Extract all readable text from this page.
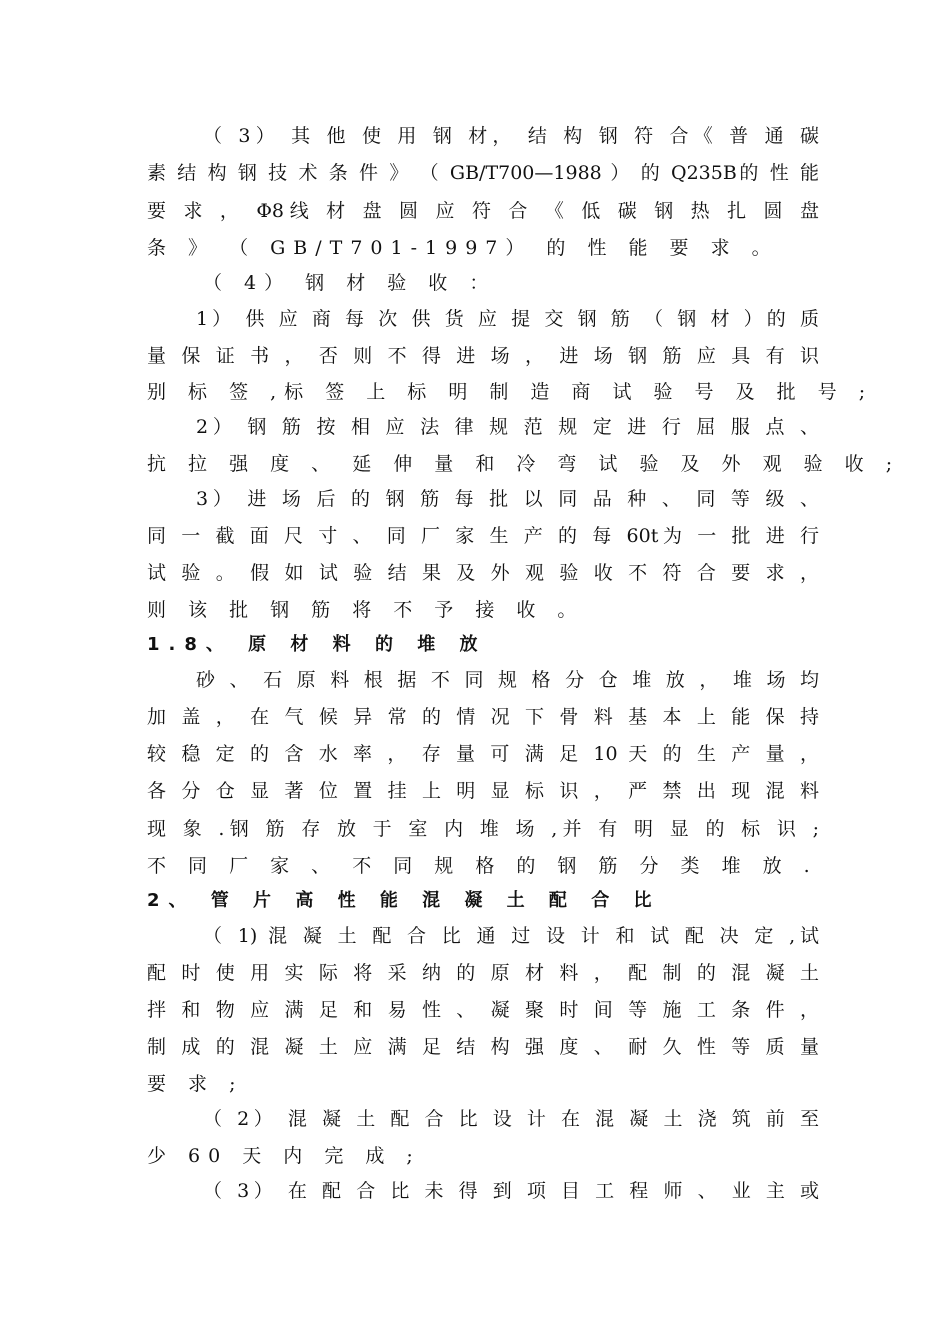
（ 3） 其 他 使 用 钢 材， 结 构 钢 符 合《 普 通 碳
素 结 构 钢 技 术 条 件 》 （ GB/T700—1988 ） 的 Q235B的 性 能
要 求 ， Φ8线 材 盘 圆 应 符 合 《 低 碳 钢 热 扎 圆 盘
条 》 （ GB/T701-1997） 的 性 能 要 求 。
（ 4） 钢 材 验 收 ：
1） 供 应 商 每 次 供 货 应 提 交 钢 筋 （ 钢 材 ）的 质
量 保 证 书 ， 否 则 不 得 进 场 ， 进 场 钢 筋 应 具 有 识
别 标 签 ,标 签 上 标 明 制 造 商 试 验 号 及 批 号 ;
2） 钢 筋 按 相 应 法 律 规 范 规 定 进 行 屈 服 点 、
抗 拉 强 度 、 延 伸 量 和 冷 弯 试 验 及 外 观 验 收 ;
3） 进 场 后 的 钢 筋 每 批 以 同 品 种 、 同 等 级 、
同 一 截 面 尺 寸 、 同 厂 家 生 产 的 每 60t为 一 批 进 行
试 验 。 假 如 试 验 结 果 及 外 观 验 收 不 符 合 要 求 ，
则 该 批 钢 筋 将 不 予 接 收 。
1.8、 原 材 料 的 堆 放
砂 、 石 原 料 根 据 不 同 规 格 分 仓 堆 放 ， 堆 场 均
加 盖 ， 在 气 候 异 常 的 情 况 下 骨 料 基 本 上 能 保 持
较 稳 定 的 含 水 率 ， 存 量 可 满 足 10 天 的 生 产 量 ，
各 分 仓 显 著 位 置 挂 上 明 显 标 识 ， 严 禁 出 现 混 料
现 象 .钢 筋 存 放 于 室 内 堆 场 ,并 有 明 显 的 标 识 ;
不 同 厂 家 、 不 同 规 格 的 钢 筋 分 类 堆 放 .
2、 管 片 高 性 能 混 凝 土 配 合 比
（ 1) 混 凝 土 配 合 比 通 过 设 计 和 试 配 决 定 ,试
配 时 使 用 实 际 将 采 纳 的 原 材 料 ， 配 制 的 混 凝 土
拌 和 物 应 满 足 和 易 性 、 凝 聚 时 间 等 施 工 条 件 ，
制 成 的 混 凝 土 应 满 足 结 构 强 度 、 耐 久 性 等 质 量
要 求 ;
（ 2） 混 凝 土 配 合 比 设 计 在 混 凝 土 浇 筑 前 至
少 60 天 内 完 成 ;
（ 3） 在 配 合 比 未 得 到 项 目 工 程 师 、 业 主 或
